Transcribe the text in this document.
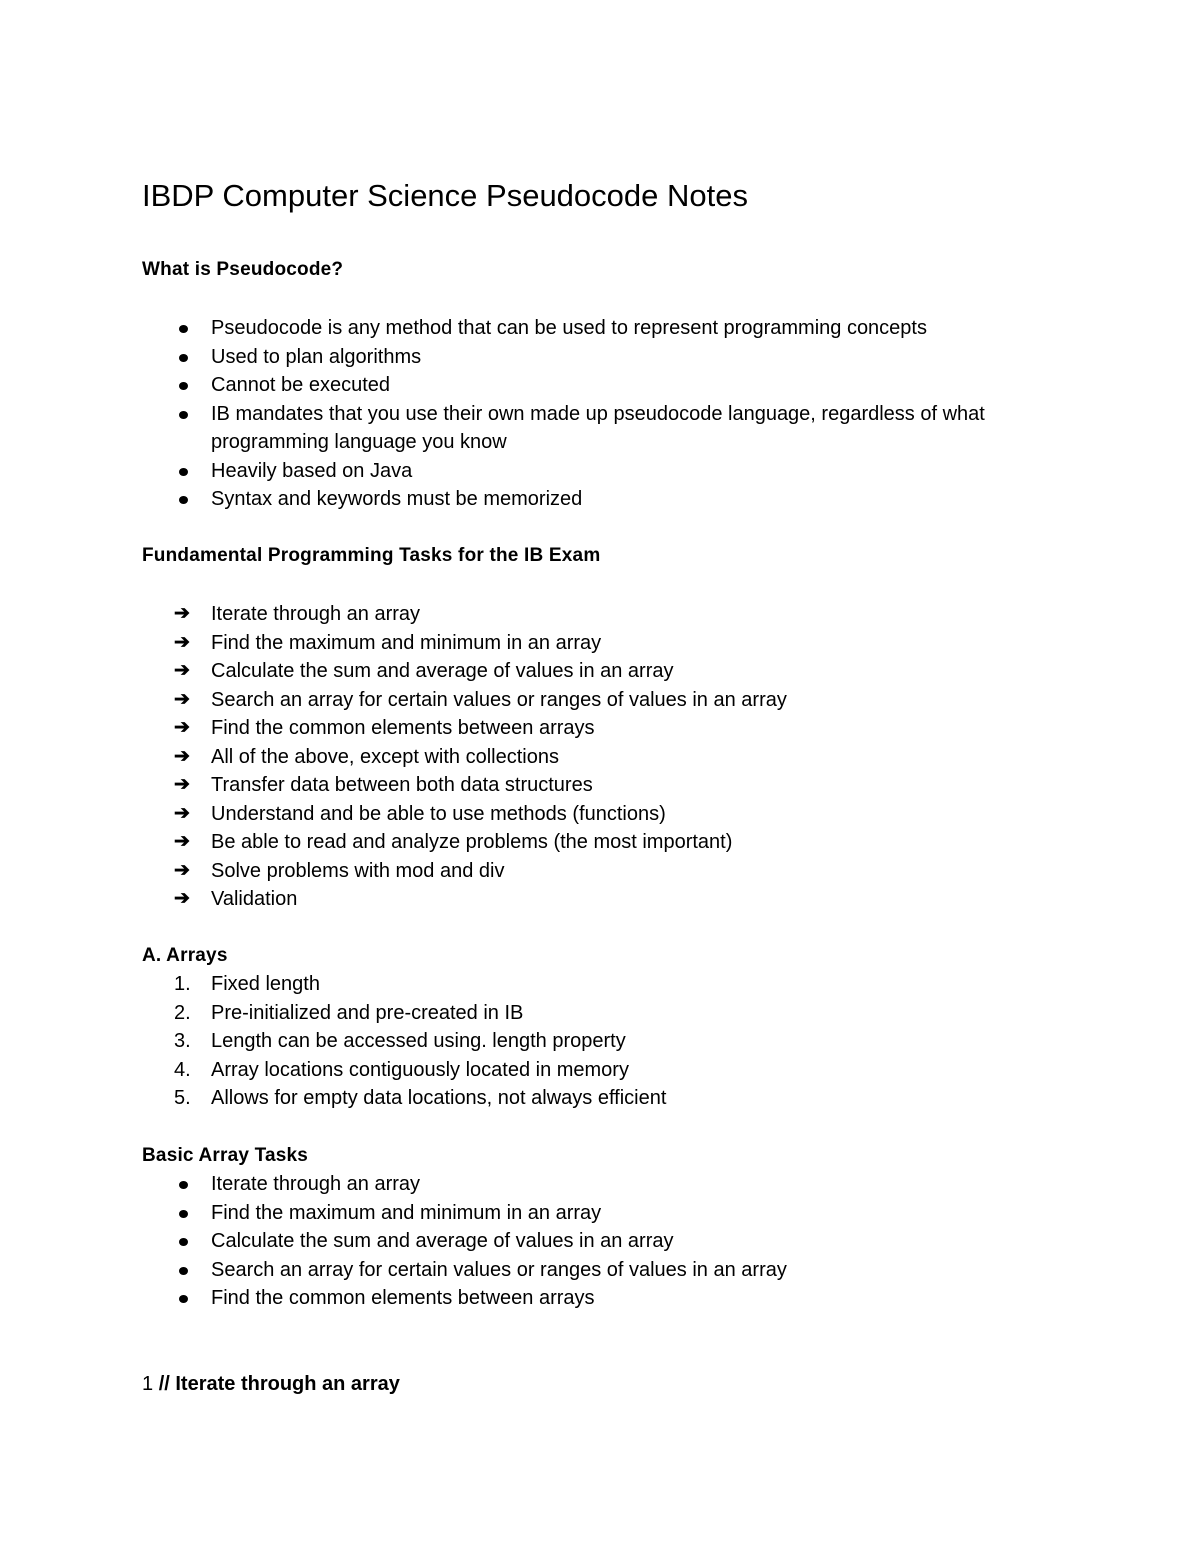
IBDP Computer Science Pseudocode Notes
What is Pseudocode?
Pseudocode is any method that can be used to represent programming concepts
Used to plan algorithms
Cannot be executed
IB mandates that you use their own made up pseudocode language, regardless of what programming language you know
Heavily based on Java
Syntax and keywords must be memorized
Fundamental Programming Tasks for the IB Exam
➔	Iterate through an array
➔	Find the maximum and minimum in an array
➔	Calculate the sum and average of values in an array
➔	Search an array for certain values or ranges of values in an array
➔	Find the common elements between arrays
➔	All of the above, except with collections
➔	Transfer data between both data structures
➔	Understand and be able to use methods (functions)
➔	Be able to read and analyze problems (the most important)
➔	Solve problems with mod and div
➔	Validation
A. Arrays
1.	Fixed length
2.	Pre-initialized and pre-created in IB
3.	Length can be accessed using. length property
4.	Array locations contiguously located in memory
5.	Allows for empty data locations, not always efficient
Basic Array Tasks
Iterate through an array
Find the maximum and minimum in an array
Calculate the sum and average of values in an array
Search an array for certain values or ranges of values in an array
Find the common elements between arrays
1 // Iterate through an array
